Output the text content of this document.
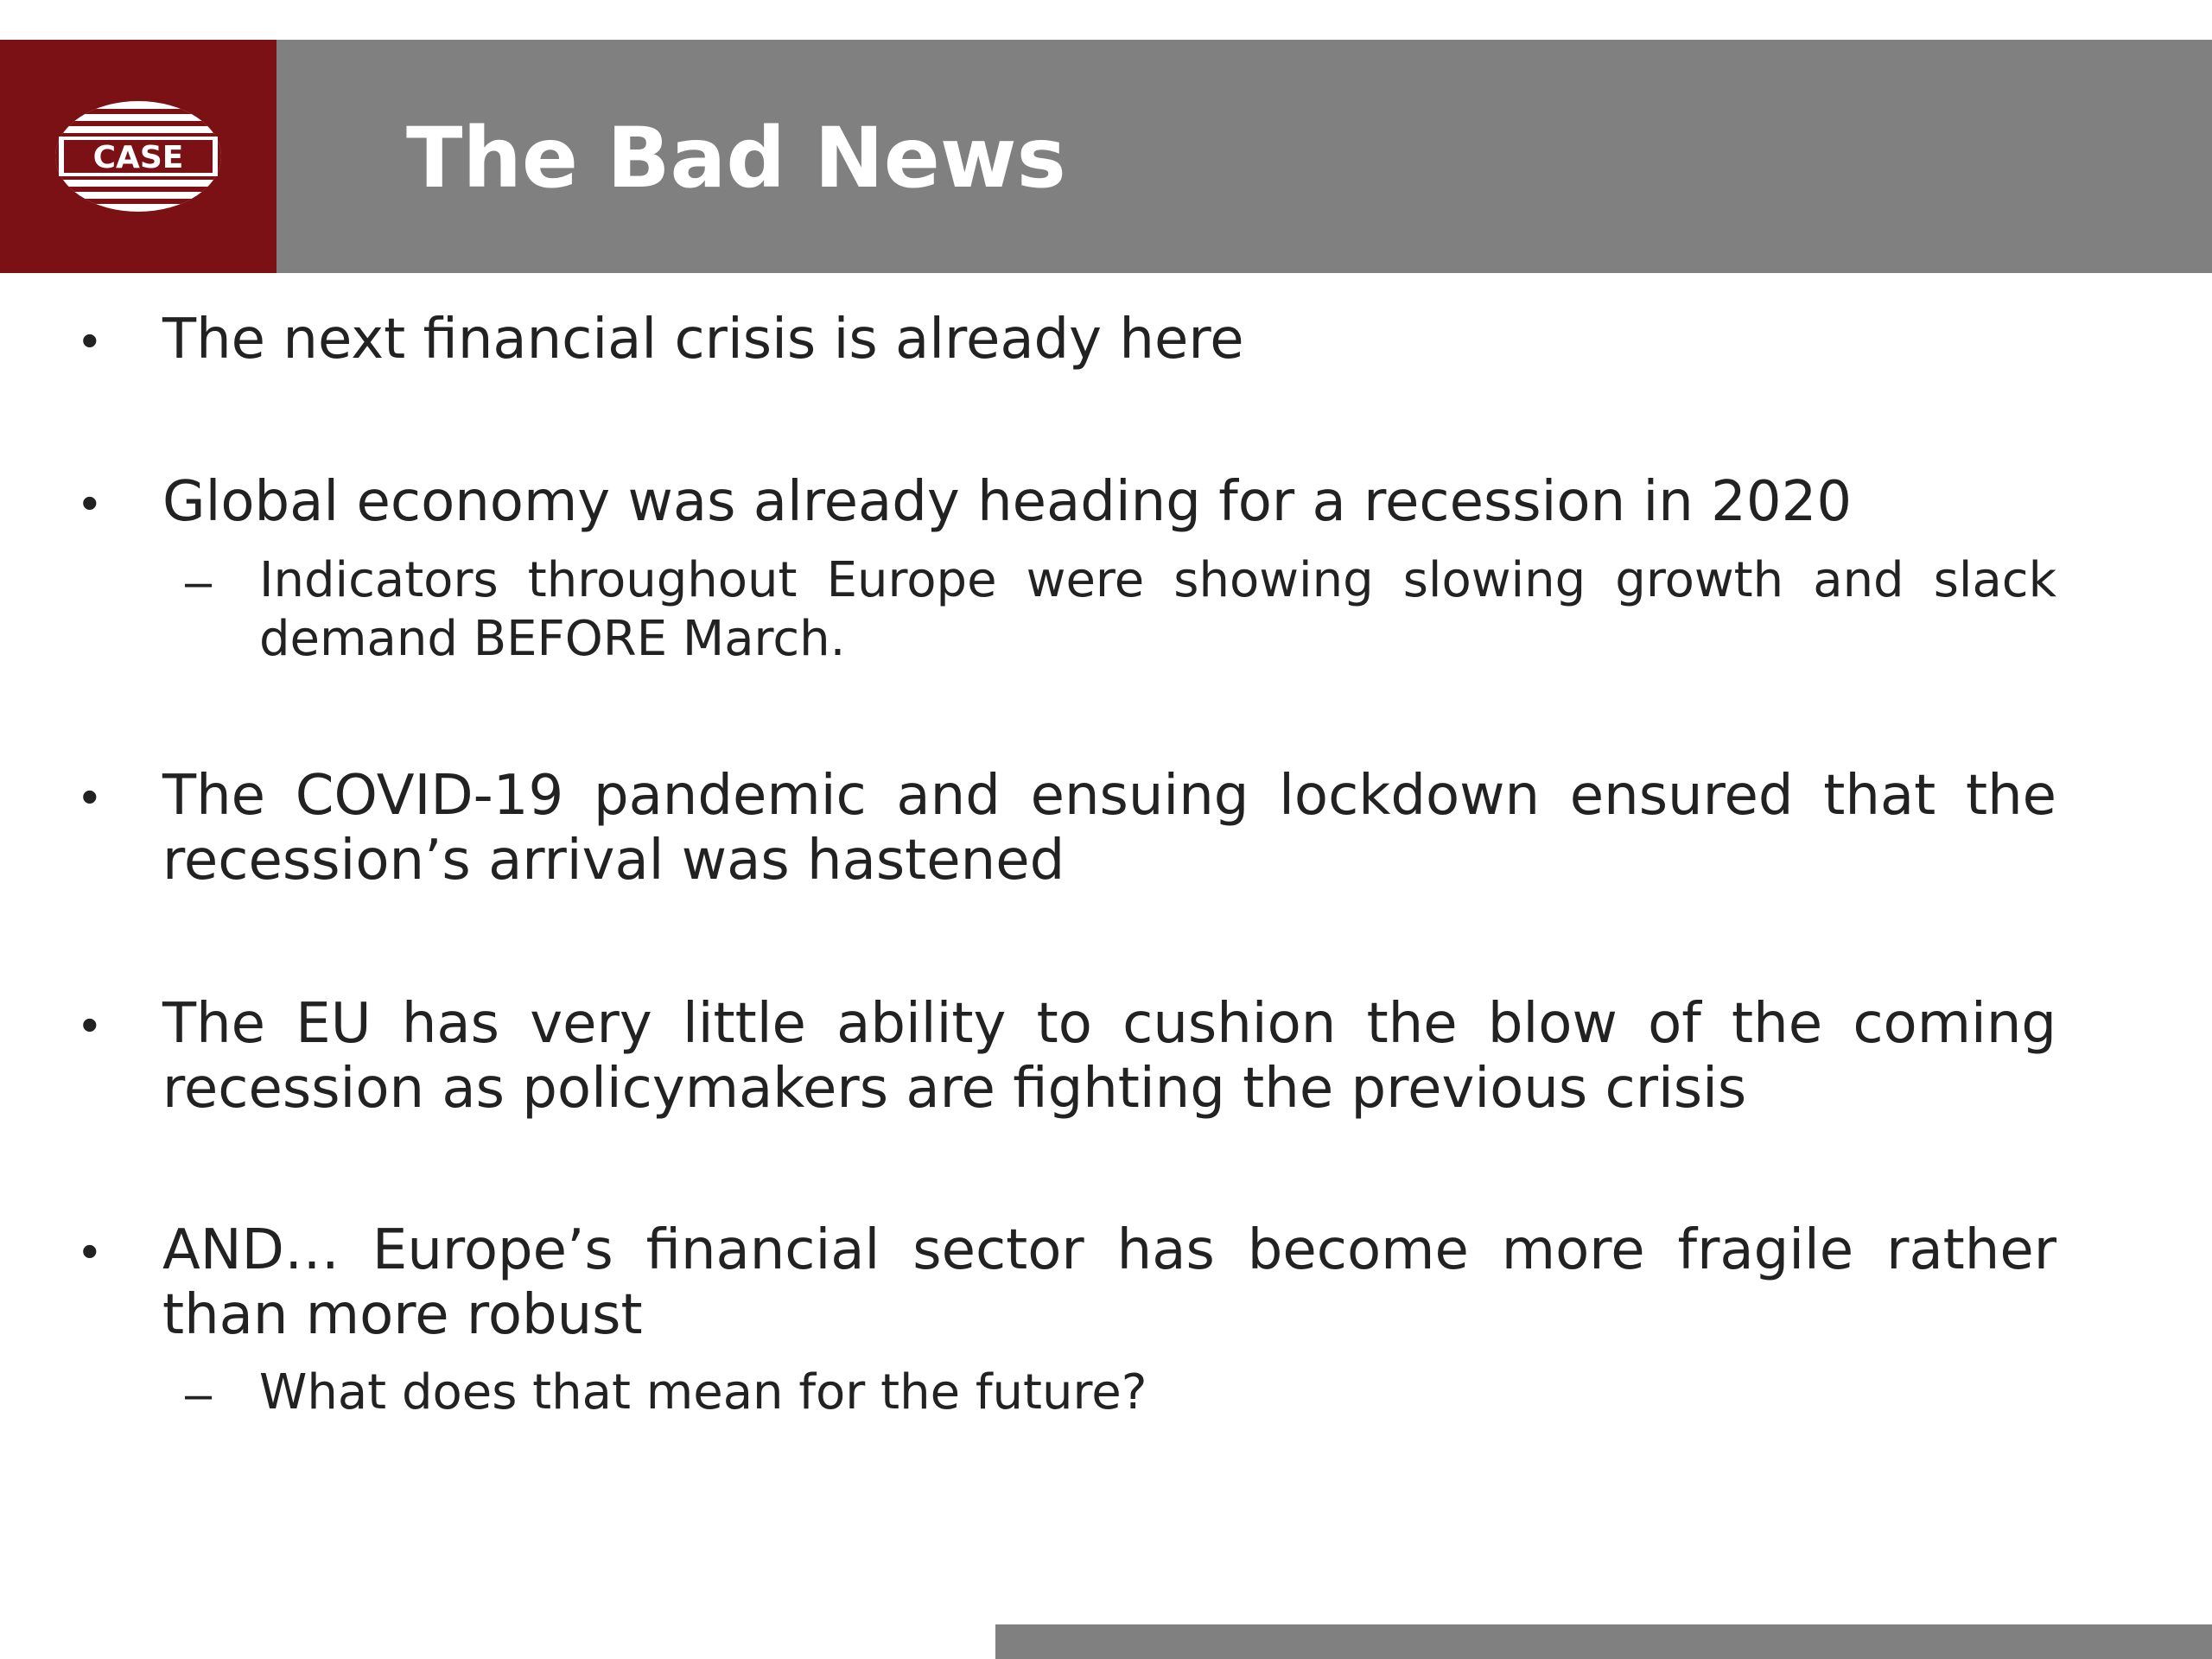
CASE	The Bad News
• The next financial crisis is already here
• Global economy was already heading for a recession in 2020
– Indicators throughout Europe were showing slowing growth and slack demand BEFORE March.
• The COVID-19 pandemic and ensuing lockdown ensured that the recession’s arrival was hastened
• The EU has very little ability to cushion the blow of the coming recession as policymakers are fighting the previous crisis
• AND… Europe’s financial sector has become more fragile rather than more robust
– What does that mean for the future?
